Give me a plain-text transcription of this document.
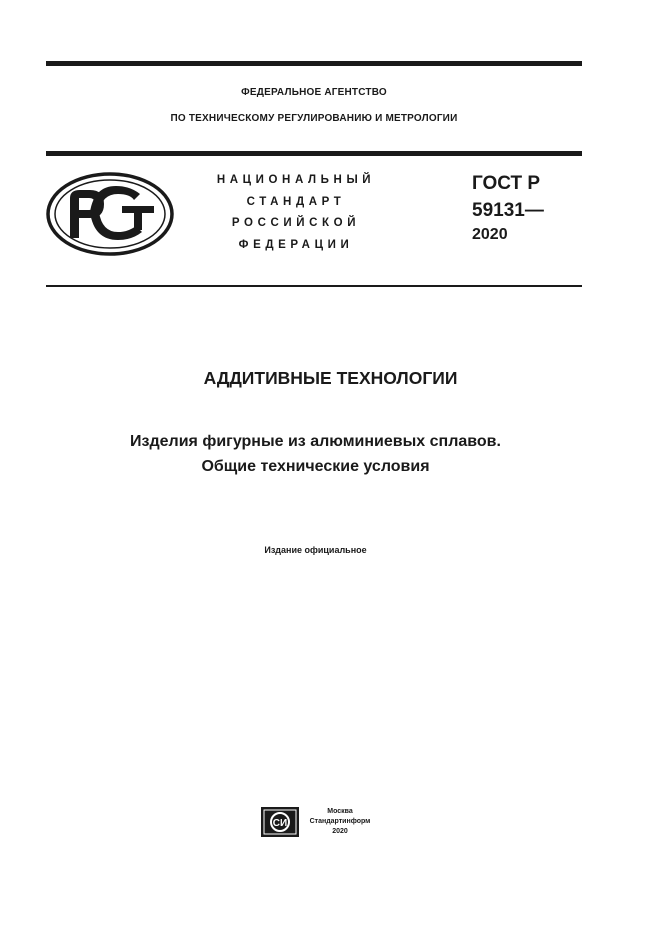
ФЕДЕРАЛЬНОЕ АГЕНТСТВО
ПО ТЕХНИЧЕСКОМУ РЕГУЛИРОВАНИЮ И МЕТРОЛОГИИ
НАЦИОНАЛЬНЫЙ
СТАНДАРТ
РОССИЙСКОЙ
ФЕДЕРАЦИИ
ГОСТ Р
59131—
2020
АДДИТИВНЫЕ ТЕХНОЛОГИИ
Изделия фигурные из алюминиевых сплавов.
Общие технические условия
Издание официальное
СИ
Москва
Стандартинформ
2020
